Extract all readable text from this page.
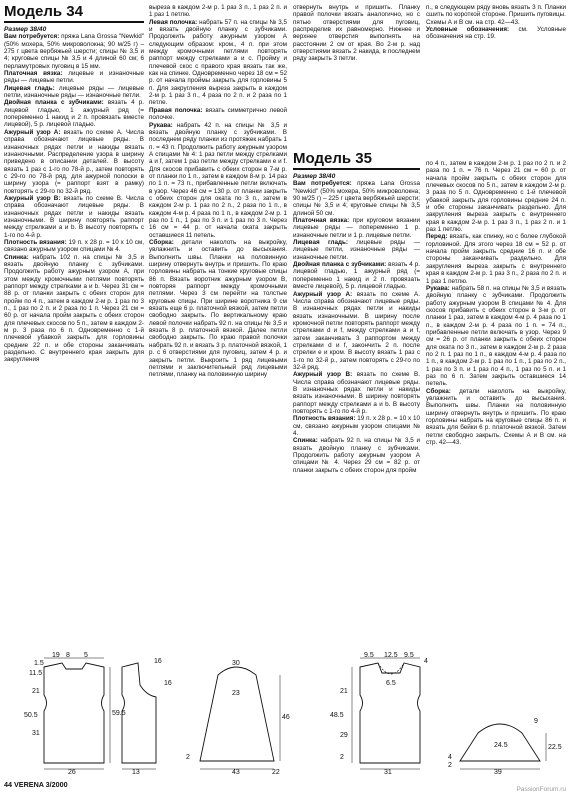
Модель 34

Размер 38/40

Вам потребуется: пряжа Lana Grossa "Newkid" (50% мохера, 50% микроволокна; 90 м/25 г) – 275 г цвета вербяжьей шерсти; спицы № 3,5 и 4; круговые спицы № 3,5 и 4 длиной 60 см; 6 перламутровых пуговиц в 15 мм.

Платочная вязка: лицевые и изнаночные ряды — лицевые петли.

Лицевая гладь: лицевые ряды — лицевые петли, изнаночные ряды — изнаночные петли.

Двойная планка с зубчиками: вязать 4 р. лицевой гладью, 1 ажурный ряд (= попеременно 1 накид и 2 п. провязать вместе лицевой), 5 р. лицевой гладью.

Ажурный узор А: вязать по схеме А. Числа справа обозначают лицевые ряды. В изнаночных рядах петли и накиды вязать изнаночными. Распределение узора в ширину приведено в описании деталей. В высоту вязать 1 раз с 1-го по 78-й р., затем повторять с 29-го по 78-й ряд, для ажурной полоски в ширину узора (= раппорт взят в рамку) повторять с 29-го по 32-й ряд.

Ажурный узор В: вязать по схеме В. Числа справа обозначают лицевые ряды. В изнаночных рядах петли и накиды вязать изнаночными. В ширину повторять раппорт между стрелками a и b. В высоту повторять с 1-го по 4-й р.

Плотность вязания: 19 п. x 28 р. = 10 x 10 см, связано ажурным узором спицами № 4.

Спинка: набрать 102 п. на спицы № 3,5 и вязать двойную планку с зубчиками. Продолжить работу ажурным узором А, при этом между кромочными петлями повторять раппорт между стрелками a и b. Через 31 см = 88 р. от планки закрыть с обеих сторон для пройм по 4 п., затем в каждом 2-м р. 1 раз по 3 п., 1 раз по 2 п. и 2 раза по 1 п. Через 21 см = 60 р. от начала пройм закрыть с обеих сторон для плечевых скосов по 5 п., затем в каждом 2-м р. 3 раза по 6 п. Одновременно с 1-й плечевой убавкой закрыть для горловины средние 22 п. и обе стороны заканчивать раздельно. С внутреннего края закрыть для закругления

выреза в каждом 2-м р. 1 раз 3 п., 1 раз 2 п. и 1 раз 1 петлю.

Левая полочка: набрать 57 п. на спицы № 3,5 и вязать двойную планку с зубчиками. Продолжить работу ажурным узором А следующим образом: кром., 4 п. при этом между кромочными петлями повторять раппорт между стрелками a и c. Пройму и плечевой скос с правого края вязать так же, как на спинке. Одновременно через 18 см = 52 р. от начала проймы закрыть для горловины 5 п. Для закругления выреза закрыть в каждом 2-м р. 1 раз 3 п., 4 раза по 2 п. и 2 раза по 1 петле.

Правая полочка: вязать симметрично левой полочке.

Рукава: набрать 42 п. на спицы № 3,5 и вязать двойную планку с зубчиками. В последнем ряду планки из протяжек набрать 1 п. = 43 п. Продолжить работу ажурным узором А спицами № 4: 1 раз петли между стрелками a и f, затем 1 раз петли между стрелками e и f. Для скосов прибавить с обеих сторон в 7-м р. от планки по 1 п., затем в каждом 8-м р. 14 раз по 1 п. = 73 п., прибавленные петли включать в узор. Через 46 см = 130 р. от планки закрыть с обеих сторон для оката по 3 п., затем в каждом 2-м р. 1 раз по 2 п., 2 раза по 1 п., в каждом 4-м р. 4 раза по 1 п., в каждом 2-м р. 1 раз по 1 п., 1 раз по 3 п. и 1 раз по 3 п. Через 16 см = 44 р. от начала оката закрыть оставшиеся 11 петель.

Сборка: детали наколоть на выкройку, увлажнить и оставить до высыхания. Выполнить швы. Планки на половинную ширину отвернуть внутрь и пришить. По краю горловины набрать на тонкие круговые спицы 86 п. Вязать воротник ажурным узором В, повторяя раппорт между кромочными петлями. Через 3 см перейти на толстые круговые спицы. При ширине воротника 9 см вязать еще 6 р. платочной вязкой, затем петли свободно закрыть. По вертикальному краю левой полочки набрать 92 п. на спицы № 3,5 и вязать 8 р. платочной вязкой. Далее петли свободно закрыть. По краю правой полочки набрать 92 п. и вязать 3 р. платочной вязкой, 1 р. с 6 отверстиями для пуговиц, затем 4 р. и закрыть петли. Выкроить 1 ряд лицевыми петлями и заключительный ряд лицевыми петлями, планку на половинную ширину

отвернуть внутрь и пришить. Планку правой полочки вязать аналогично, но с пятью отверстиями для пуговиц, распределив их равномерно. Нижнее и верхнее отверстия выполнять на расстоянии 2 см от края. Во 2-м р. над отверстиями вязать 2 накида, в последнем ряду закрыть 3 петли.

п., в следующем ряду вновь вязать 3 п. Планки сшить по короткой стороне. Пришить пуговицы.

Схемы А и В см. на стр. 42—43.

Условные обозначения: см. Условные обозначения на стр. 19.

Модель 35

Размер 38/40

Вам потребуется: пряжа Lana Grossa "Newkid" (50% мохера, 50% микроволокна; 90 м/25 г) – 225 г цвета вербяжьей шерсти; спицы № 3,5 и 4; круговые спицы № 3,5 длиной 50 см.

Платочная вязка: при круговом вязании лицевые ряды — попеременно 1 р. изнаночные петли и 1 р. лицевые петли.

Лицевая гладь: лицевые ряды — лицевые петли, изнаночные ряды — изнаночные петли.

Двойная планка с зубчиками: вязать 4 р. лицевой гладью, 1 ажурный ряд (= попеременно 1 накид и 2 п. провязать вместе лицевой), 5 р. лицевой гладью.

Ажурный узор А: вязать по схеме А. Числа справа обозначают лицевые ряды. В изнаночных рядах петли и накиды вязать изнаночными. В ширину после кромочной петли повторять раппорт между стрелками d и f, между стрелками a и f, затем заканчивать 3 раппортом между стрелками d и f, закончить 2 п. после стрелки e и кром. В высоту вязать 1 раз с 1-го по 32-й р., затем повторять с 29-го по 32-й ряд.

Ажурный узор В: вязать по схеме В. Числа справа обозначают лицевые ряды. В изнаночных рядах петли и накиды вязать изнаночными. В ширину повторять раппорт между стрелками a и b. В высоту повторять с 1-го по 4-й р.

Плотность вязания: 19 п. x 28 р. = 10 x 10 см, связано ажурным узором спицами № 4.

Спинка: набрать 92 п. на спицы № 3,5 и вязать двойную планку с зубчиками. Продолжить работу ажурным узором А спицами № 4. Через 29 см = 82 р. от планки закрыть с обеих сторон для пройм

по 4 п., затем в каждом 2-м р. 1 раз по 2 п. и 2 раза по 1 п. = 76 п. Через 21 см = 60 р. от начала пройм закрыть с обеих сторон для плечевых скосов по 5 п., затем в каждом 2-м р. 3 раза по 5 п. Одновременно с 1-й плечевой убавкой закрыть для горловины средние 24 п. и обе стороны заканчивать раздельно. Для закругления выреза закрыть с внутреннего края в каждом 2-м р. 1 раз 3 п., 1 раз 2 п. и 1 раз 1 петлю.

Перед: вязать, как спинку, но с более глубокой горловиной. Для этого через 18 см = 52 р. от начала пройм закрыть средние 16 п. и обе стороны заканчивать раздельно. Для закругления выреза закрыть с внутреннего края в каждом 2-м р. 1 раз 3 п., 2 раза по 2 п. и 1 раз 1 петлю.

Рукава: набрать 58 п. на спицы № 3,5 и вязать двойную планку с зубчиками. Продолжить работу ажурным узором В спицами № 4. Для скосов прибавить с обеих сторон в 3-м р. от планки 1 раз, затем в каждом 4-м р. 4 раза по 1 п., в каждом 2-м р. 4 раза по 1 п. = 74 п., прибавленные петли включать в узор. Через 9 см = 26 р. от планки закрыть с обеих сторон для оката по 3 п., затем в каждом 2-м р. 2 раза по 2 п. 1 раз по 1 п., в каждом 4-м р. 4 раза по 1 п., в каждом 2-м р. 1 раз по 1 п., 1 раз по 2 п., 1 раз по 3 п. и 1 раз по 4 п., 1 раз по 5 п. и 1 раз по 6 п. Затем закрыть оставшиеся 14 петель.

Сборка: детали наколоть на выкройку, увлажнить и оставить до высыхания. Выполнить швы. Планки на половинную ширину отвернуть внутрь и пришить. По краю горловины набрать на круговые спицы 86 п. и вязать для бейки 6 р. платочной вязкой. Затем петли свободно закрыть. Схемы А и В см. на стр. 42—43.

19 8 5
16
11.5
1.5
21
31
50.5	59.5
16
23
30
2
46
43
26	13	22
9.5 12.5 9.5
4
6.5
21
29
48.5
2
24.5
4
22.5
9
2
31	39
44 VERENA 3/2000
PassionForum.ru
